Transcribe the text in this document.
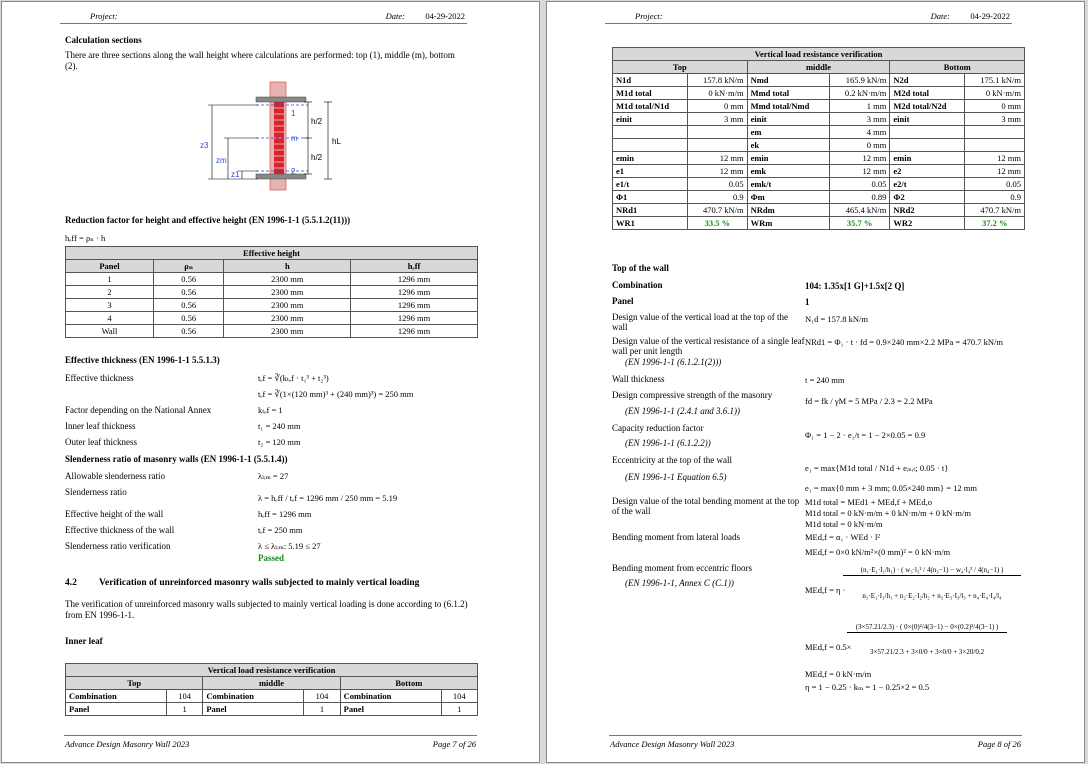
Project:	Date: 04-29-2022
Calculation sections
There are three sections along the wall height where calculations are performed: top (1), middle (m), bottom (2).
1
m
2
h/2
h/2
hL
z3
zm
z1
Reduction factor for height and effective height (EN 1996-1-1 (5.5.1.2(11)))
hₑff = ρₙ · h
Effective height			
Panel	ρₙ	h	hₑff
1	0.56	2300 mm	1296 mm
2	0.56	2300 mm	1296 mm
3	0.56	2300 mm	1296 mm
4	0.56	2300 mm	1296 mm
Wall	0.56	2300 mm	1296 mm
Effective thickness (EN 1996-1-1 5.5.1.3)
Effective thickness	tₑf = ∛(kₜₑf · t₁³ + t₂³)
tₑf = ∛(1×(120 mm)³ + (240 mm)³) = 250 mm
Factor depending on the National Annex	kₜₑf = 1
Inner leaf thickness	t₁ = 240 mm
Outer leaf thickness	t₂ = 120 mm
Slenderness ratio of masonry walls (EN 1996-1-1 (5.5.1.4))
Allowable slenderness ratio	λₗᵢₘ = 27
Slenderness ratio
λ = hₑff / tₑf = 1296 mm / 250 mm = 5.19
Effective height of the wall	hₑff = 1296 mm
Effective thickness of the wall	tₑf = 250 mm
Slenderness ratio verification	λ ≤ λₗᵢₘ: 5.19 ≤ 27
Passed
4.2 Verification of unreinforced masonry walls subjected to mainly vertical loading
The verification of unreinforced masonry walls subjected to mainly vertical loading is done according to (6.1.2) from EN 1996-1-1.
Inner leaf
Vertical load resistance verification					
Top		middle		Bottom	
Combination	104	Combination	104	Combination	104
Panel	1	Panel	1	Panel	1
Advance Design Masonry Wall 2023	Page 7 of 26
Project:	Date: 04-29-2022
Vertical load resistance verification					
Top		middle		Bottom	
N1d	157.8 kN/m	Nmd	165.9 kN/m	N2d	175.1 kN/m
M1d total	0 kN·m/m	Mmd total	0.2 kN·m/m	M2d total	0 kN·m/m
M1d total/N1d	0 mm	Mmd total/Nmd	1 mm	M2d total/N2d	0 mm
einit	3 mm	einit	3 mm	einit	3 mm
		em	4 mm		
		ek	0 mm		
emin	12 mm	emin	12 mm	emin	12 mm
e1	12 mm	emk	12 mm	e2	12 mm
e1/t	0.05	emk/t	0.05	e2/t	0.05
Φ1	0.9	Φm	0.89	Φ2	0.9
NRd1	470.7 kN/m	NRdm	465.4 kN/m	NRd2	470.7 kN/m
WR1	33.5 %	WRm	35.7 %	WR2	37.2 %
Top of the wall
Combination	104: 1.35x[1 G]+1.5x[2 Q]
Panel	1
Design value of the vertical load at the top of the wall
N₁d = 157.8 kN/m
Design value of the vertical resistance of a single leaf wall per unit length
(EN 1996-1-1 (6.1.2.1(2)))
NRd1 = Φ₁ · t · fd = 0.9×240 mm×2.2 MPa = 470.7 kN/m
Wall thickness	t = 240 mm
Design compressive strength of the masonry
(EN 1996-1-1 (2.4.1 and 3.6.1))
fd = fk / γM = 5 MPa / 2.3 = 2.2 MPa
Capacity reduction factor
(EN 1996-1-1 (6.1.2.2))
Φ₁ = 1 − 2 · e₁/t = 1 − 2×0.05 = 0.9
Eccentricity at the top of the wall
(EN 1996-1-1 Equation 6.5)
e₁ = max{M1d total / N1d + eᵢₙᵢₜ; 0.05 · t}
e₁ = max{0 mm + 3 mm; 0.05×240 mm} = 12 mm
Design value of the total bending moment at the top of the wall
M1d total = MEd1 + MEd,f + MEd,o
M1d total = 0 kN·m/m + 0 kN·m/m + 0 kN·m/m
M1d total = 0 kN·m/m
Bending moment from lateral loads	MEd,f = α₁ · WEd · l²
MEd,f = 0×0 kN/m²×(0 mm)² = 0 kN·m/m
Bending moment from eccentric floors
(EN 1996-1-1, Annex C (C.1))
MEd,f = η ·
(n₁·E₁·I₁/h₁) · ( w₃·l₃² / 4(n₃−1) − w₄·l₄² / 4(n₄−1) )
n₁·E₁·I₁/h₁ + n₂·E₂·I₂/h₂ + n₃·E₃·I₃/l₃ + n₄·E₄·I₄/l₄
MEd,f = 0.5×
(3×57.21/2.3) · ( 0×(0)²/4(3−1) − 0×(0.2)²/4(3−1) )
3×57.21/2.3 + 3×0/0 + 3×0/0 + 3×20/0.2
MEd,f = 0 kN·m/m
η = 1 − 0.25 · kₘ = 1 − 0.25×2 = 0.5
Advance Design Masonry Wall 2023	Page 8 of 26
